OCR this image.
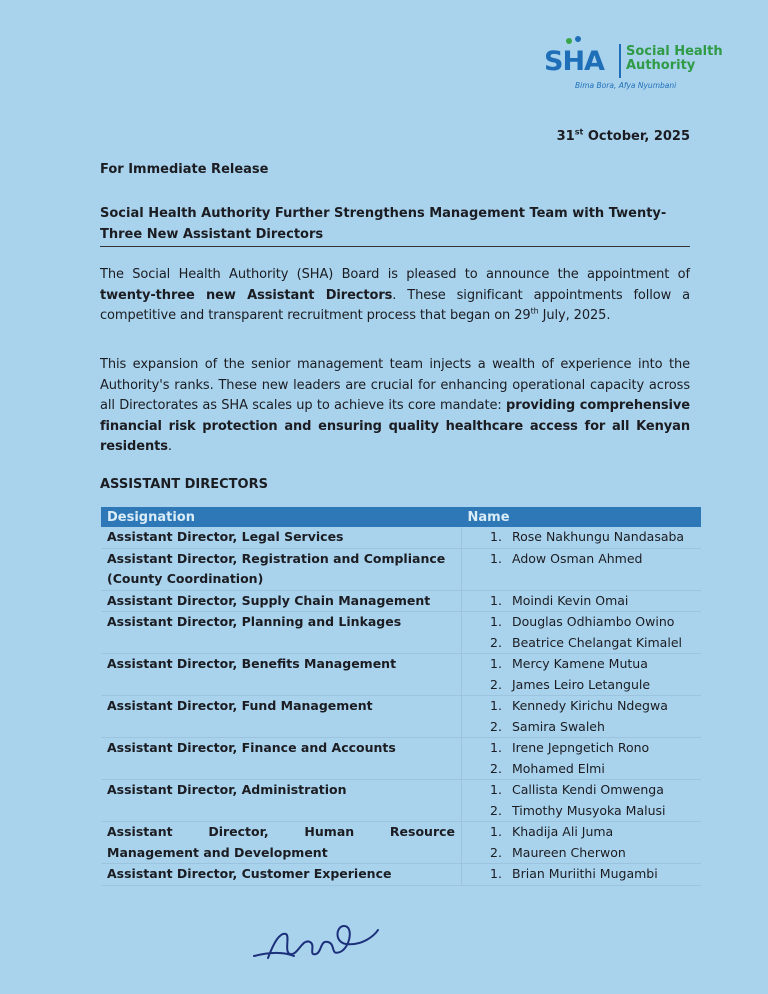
SHA Social Health
Authority
Bima Bora, Afya Nyumbani
31st October, 2025
For Immediate Release
Social Health Authority Further Strengthens Management Team with Twenty-Three New Assistant Directors
The Social Health Authority (SHA) Board is pleased to announce the appointment of twenty-three new Assistant Directors. These significant appointments follow a competitive and transparent recruitment process that began on 29th July, 2025.
This expansion of the senior management team injects a wealth of experience into the Authority's ranks. These new leaders are crucial for enhancing operational capacity across all Directorates as SHA scales up to achieve its core mandate: providing comprehensive financial risk protection and ensuring quality healthcare access for all Kenyan residents.
ASSISTANT DIRECTORS
Designation	Name
Assistant Director, Legal Services	1. Rose Nakhungu Nandasaba

Assistant Director, Registration and Compliance (County Coordination)	1. Adow Osman Ahmed

Assistant Director, Supply Chain Management	1. Moindi Kevin Omai

Assistant Director, Planning and Linkages	1. Douglas Odhiambo Owino
2. Beatrice Chelangat Kimalel

Assistant Director, Benefits Management	1. Mercy Kamene Mutua
2. James Leiro Letangule

Assistant Director, Fund Management	1. Kennedy Kirichu Ndegwa
2. Samira Swaleh

Assistant Director, Finance and Accounts	1. Irene Jepngetich Rono
2. Mohamed Elmi

Assistant Director, Administration	1. Callista Kendi Omwenga
2. Timothy Musyoka Malusi

Assistant Director, Human Resource Management and Development	1. Khadija Ali Juma
2. Maureen Cherwon

Assistant Director, Customer Experience	1. Brian Muriithi Mugambi
